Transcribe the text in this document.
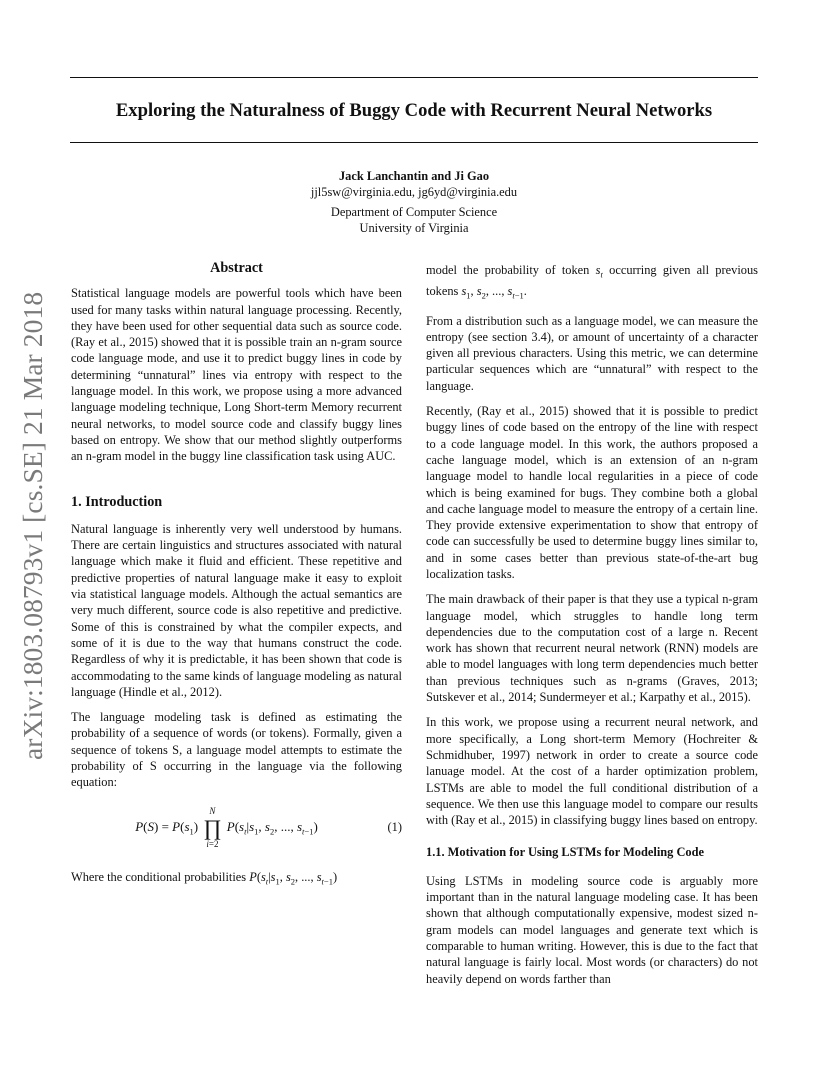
Exploring the Naturalness of Buggy Code with Recurrent Neural Networks
Jack Lanchantin and Ji Gao
jjl5sw@virginia.edu, jg6yd@virginia.edu
Department of Computer Science
University of Virginia
arXiv:1803.08793v1 [cs.SE] 21 Mar 2018
Abstract

Statistical language models are powerful tools which have been used for many tasks within natural language processing. Recently, they have been used for other sequential data such as source code. (Ray et al., 2015) showed that it is possible train an n-gram source code language mode, and use it to predict buggy lines in code by determining “unnatural” lines via entropy with respect to the language model. In this work, we propose using a more advanced language modeling technique, Long Short-term Memory recurrent neural networks, to model source code and classify buggy lines based on entropy. We show that our method slightly outperforms an n-gram model in the buggy line classification task using AUC.

1. Introduction

Natural language is inherently very well understood by humans. There are certain linguistics and structures associated with natural language which make it fluid and efficient. These repetitive and predictive properties of natural language make it easy to exploit via statistical language models. Although the actual semantics are very much different, source code is also repetitive and predictive. Some of this is constrained by what the compiler expects, and some of it is due to the way that humans construct the code. Regardless of why it is predictable, it has been shown that code is accommodating to the same kinds of language modeling as natural language (Hindle et al., 2012).

The language modeling task is defined as estimating the probability of a sequence of words (or tokens). Formally, given a sequence of tokens S, a language model attempts to estimate the probability of S occurring in the language via the following equation:

$P(S) = P(s_1)$
N
∏
i=2
$P(s_t|s_1$, $s_2$, ..., $s_{t-1}$)	(1)

Where the conditional probabilities $P(s_t|s_1$, $s_2$, ..., $s_{t-1}$)

model the probability of token $s_t$ occurring given all previous tokens $s_1$, $s_2$, ..., $s_{t-1}$.

From a distribution such as a language model, we can measure the entropy (see section 3.4), or amount of uncertainty of a character given all previous characters. Using this metric, we can determine particular sequences which are “unnatural” with respect to the language.

Recently, (Ray et al., 2015) showed that it is possible to predict buggy lines of code based on the entropy of the line with respect to a code language model. In this work, the authors proposed a cache language model, which is an extension of an n-gram language model to handle local regularities in a piece of code which is being examined for bugs. They combine both a global and cache language model to measure the entropy of a certain line. They provide extensive experimentation to show that entropy of code can successfully be used to determine buggy lines similar to, and in some cases better than previous state-of-the-art bug localization tasks.

The main drawback of their paper is that they use a typical n-gram language model, which struggles to handle long term dependencies due to the computation cost of a large n. Recent work has shown that recurrent neural network (RNN) models are able to model languages with long term dependencies much better than previous techniques such as n-grams (Graves, 2013; Sutskever et al., 2014; Sundermeyer et al.; Karpathy et al., 2015).

In this work, we propose using a recurrent neural network, and more specifically, a Long short-term Memory (Hochreiter & Schmidhuber, 1997) network in order to create a source code lanuage model. At the cost of a harder optimization problem, LSTMs are able to model the full conditional distribution of a sequence. We then use this language model to compare our results with (Ray et al., 2015) in classifying buggy lines based on entropy.

1.1. Motivation for Using LSTMs for Modeling Code

Using LSTMs in modeling source code is arguably more important than in the natural language modeling case. It has been shown that although computationally expensive, modest sized n-gram models can model languages and generate text which is comparable to human writing. However, this is due to the fact that natural language is fairly local. Most words (or characters) do not heavily depend on words farther than
